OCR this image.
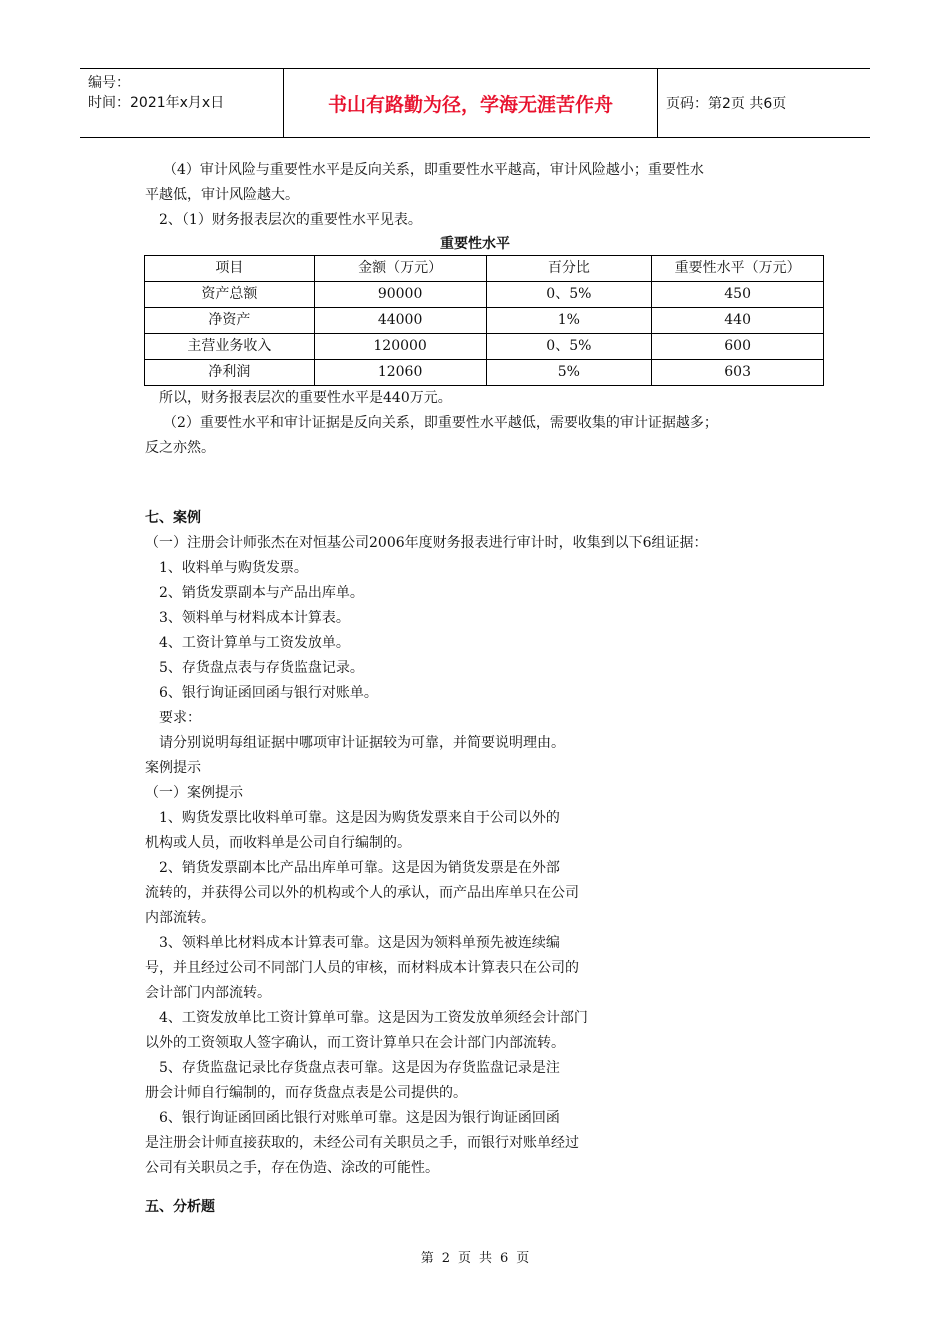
编号：
时间：2021年x月x日	书山有路勤为径，学海无涯苦作舟	页码：第2页 共6页

（4）审计风险与重要性水平是反向关系，即重要性水平越高，审计风险越小；重要性水

平越低，审计风险越大。

2、（1）财务报表层次的重要性水平见表。

重要性水平
项目	金额（万元）	百分比	重要性水平（万元）
资产总额	90000	0、5%	450
净资产	44000	1%	440
主营业务收入	120000	0、5%	600
净利润	12060	5%	603

所以，财务报表层次的重要性水平是440万元。

（2）重要性水平和审计证据是反向关系，即重要性水平越低，需要收集的审计证据越多；

反之亦然。

七、案例

（一）注册会计师张杰在对恒基公司2006年度财务报表进行审计时，收集到以下6组证据：

1、收料单与购货发票。

2、销货发票副本与产品出库单。

3、领料单与材料成本计算表。

4、工资计算单与工资发放单。

5、存货盘点表与存货监盘记录。

6、银行询证函回函与银行对账单。

要求：

请分别说明每组证据中哪项审计证据较为可靠，并简要说明理由。

案例提示

（一）案例提示

1、购货发票比收料单可靠。这是因为购货发票来自于公司以外的

机构或人员，而收料单是公司自行编制的。

2、销货发票副本比产品出库单可靠。这是因为销货发票是在外部

流转的，并获得公司以外的机构或个人的承认，而产品出库单只在公司

内部流转。

3、领料单比材料成本计算表可靠。这是因为领料单预先被连续编

号，并且经过公司不同部门人员的审核，而材料成本计算表只在公司的

会计部门内部流转。

4、工资发放单比工资计算单可靠。这是因为工资发放单须经会计部门

以外的工资领取人签字确认，而工资计算单只在会计部门内部流转。

5、存货监盘记录比存货盘点表可靠。这是因为存货监盘记录是注

册会计师自行编制的，而存货盘点表是公司提供的。

6、银行询证函回函比银行对账单可靠。这是因为银行询证函回函

是注册会计师直接获取的，未经公司有关职员之手，而银行对账单经过

公司有关职员之手，存在伪造、涂改的可能性。

五、分析题

第 2 页 共 6 页
